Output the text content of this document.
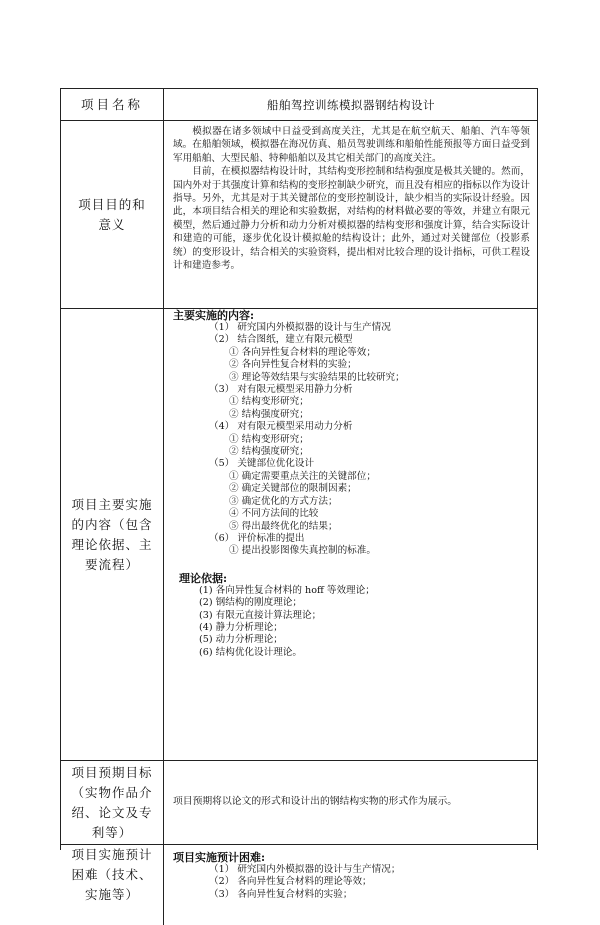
项目名称	船舶驾控训练模拟器钢结构设计
项目目的和意义

模拟器在诸多领域中日益受到高度关注，尤其是在航空航天、船舶、汽车等领域。在船舶领域，模拟器在海况仿真、船员驾驶训练和船舶性能预报等方面日益受到军用船舶、大型民船、特种船舶以及其它相关部门的高度关注。

目前，在模拟器结构设计时，其结构变形控制和结构强度是极其关键的。然而，国内外对于其强度计算和结构的变形控制缺少研究，而且没有相应的指标以作为设计指导。另外，尤其是对于其关键部位的变形控制设计，缺少相当的实际设计经验。因此，本项目结合相关的理论和实验数据，对结构的材料做必要的等效，并建立有限元模型，然后通过静力分析和动力分析对模拟器的结构变形和强度计算，结合实际设计和建造的可能，逐步优化设计模拟舱的结构设计；此外，通过对关键部位（投影系统）的变形设计，结合相关的实验资料，提出相对比较合理的设计指标，可供工程设计和建造参考。

项目主要实施的内容（包含理论依据、主要流程）
主要实施的内容:
（1） 研究国内外模拟器的设计与生产情况
（2） 结合图纸，建立有限元模型
① 各向异性复合材料的理论等效；
② 各向异性复合材料的实验；
③ 理论等效结果与实验结果的比较研究；
（3） 对有限元模型采用静力分析
① 结构变形研究；
② 结构强度研究；
（4） 对有限元模型采用动力分析
① 结构变形研究；
② 结构强度研究；
（5） 关键部位优化设计
① 确定需要重点关注的关键部位；
② 确定关键部位的限制因素；
③ 确定优化的方式方法；
④ 不同方法间的比较
⑤ 得出最终优化的结果；
（6） 评价标准的提出
① 提出投影图像失真控制的标准。
理论依据:
(1) 各向异性复合材料的 hoff 等效理论；
(2) 钢结构的刚度理论；
(3) 有限元直接计算法理论；
(4) 静力分析理论；
(5) 动力分析理论；
(6) 结构优化设计理论。
项目预期目标（实物作品介绍、论文及专利等）
项目预期将以论文的形式和设计出的钢结构实物的形式作为展示。
项目实施预计困难（技术、实施等）
项目实施预计困难:
（1） 研究国内外模拟器的设计与生产情况；
（2） 各向异性复合材料的理论等效；
（3） 各向异性复合材料的实验；
